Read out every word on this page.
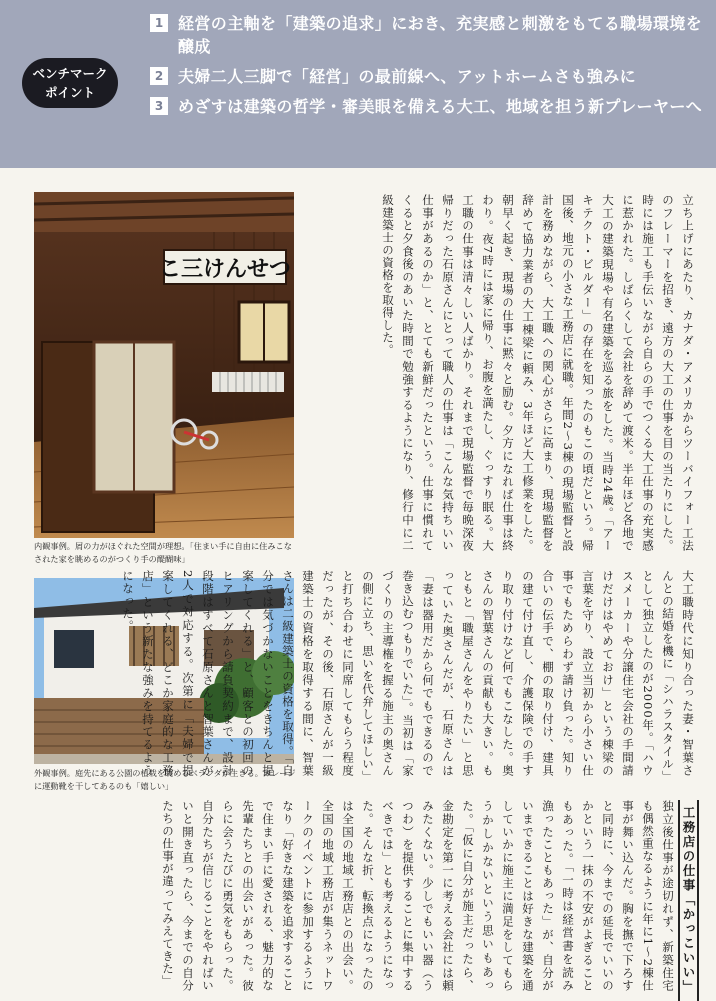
ベンチマーク
ポイント
1 経営の主軸を「建築の追求」におき、充実感と刺激をもてる職場環境を醸成
2 夫婦二人三脚で「経営」の最前線へ、アットホームさも強みに
3 めざすは建築の哲学・審美眼を備える大工、地域を担う新プレーヤーへ
こ三けんせつ
内観事例。屑の力がほぐれた空間が理想。「住まい手に自由に住みこなされた家を眺めるのがつくり手の醍醐味」
外観事例。庭先にある公園の植栽を眺めるベランダが生きる。ガレージに運動靴を干してあるのも「嬉しい」
立ち上げにあたり、カナダ・アメリカからツーバイフォー工法のフレーマーを招き、遠方の大工の仕事を目の当たりにした。時には施工も手伝いながら自らの手でつくる大工仕事の充実感に惹かれた。しばらくして会社を辞めて渡米。半年ほど各地で大工の建築現場や有名建築を巡る旅をした。当時24歳。「アーキテクト・ビルダー」の存在を知ったのもこの頃だという。帰国後、地元の小さな工務店に就職。年間2〜3棟の現場監督と設計を務めながら、大工職への関心がさらに高まり、現場監督を辞めて協力業者の大工棟梁に頼み、3年ほど大工修業をした。朝早く起き、現場の仕事に黙々と励む。夕方になれば仕事は終わり。夜7時には家に帰り、お腹を満たし、ぐっすり眠る。大工職の仕事は清々しい人ばかり。それまで現場監督で毎晩深夜帰りだった石原さんにとって職人の仕事は「こんな気持ちいい仕事があるのか」と、とても新鮮だったという。仕事に慣れてくると夕食後のあいた時間で勉強するようになり、修行中に二級建築士の資格を取得した。
大工職時代に知り合った妻・智葉さんとの結婚を機に「シハラスタイル」として独立したのが2000年。「ハウスメーカーや分譲住宅会社の手間請けだけはやめておけ」という棟梁の言葉を守り、設立当初から小さい仕事でもためらわず請け負った。知り合いの伝手で、棚の取り付け、建具の建て付け直し、介護保険での手すり取り付けなど何でもこなした。奥さんの智葉さんの貢献も大きい。もともと「職屋さんをやりたい」と思っていた奥さんだが、石原さんは「妻は器用だから何でもできるので巻き込むつもりでいた」。当初は「家づくりの主導権を握る施主の奥さんの側に立ち、思いを代弁してほしい」と打ち合わせに同席してもらう程度だったが、その後、石原さんが一級建築士の資格を取得する間に、智葉さんは二級建築士の資格を取得。「自分では気づかないことをきちんと提案してくれる」と、顧客との初回のヒアリングから請負契約まで、設計段階はすべて石原さんと智葉さんが2人で対応する。次第に「夫婦で提案してくれる、どこか家庭的な工務店」という新たな強みを持てるようになった。
工務店の仕事「かっこいい」独立後仕事が途切れず、新築住宅も偶然重なるように年に1〜2棟仕事が舞い込んだ。胸を撫で下ろすと同時に、今までの延長でいいのかという一抹の不安がよぎることもあった。「一時は経営書を読み漁ったこともあった」が、自分がいまできることは好きな建築を通していかに施主に満足をしてもらうかしかないという思いもあった。「仮に自分が施主だったら、金勘定を第一に考える会社には頼みたくない。少しでもいい器（うつわ）を提供することに集中するべきでは」とも考えるようになった。そんな折、転換点になったのは全国の地域工務店との出会い。全国の地域工務店が集うネットワークのイベントに参加するようになり「好きな建築を追求することで住まい手に愛される、魅力的な先輩たちとの出会いがあった。彼らに会うたびに勇気をもらった。自分たちが信じることをやればいいと開き直ったら、今までの自分たちの仕事が違ってみえてきた」
